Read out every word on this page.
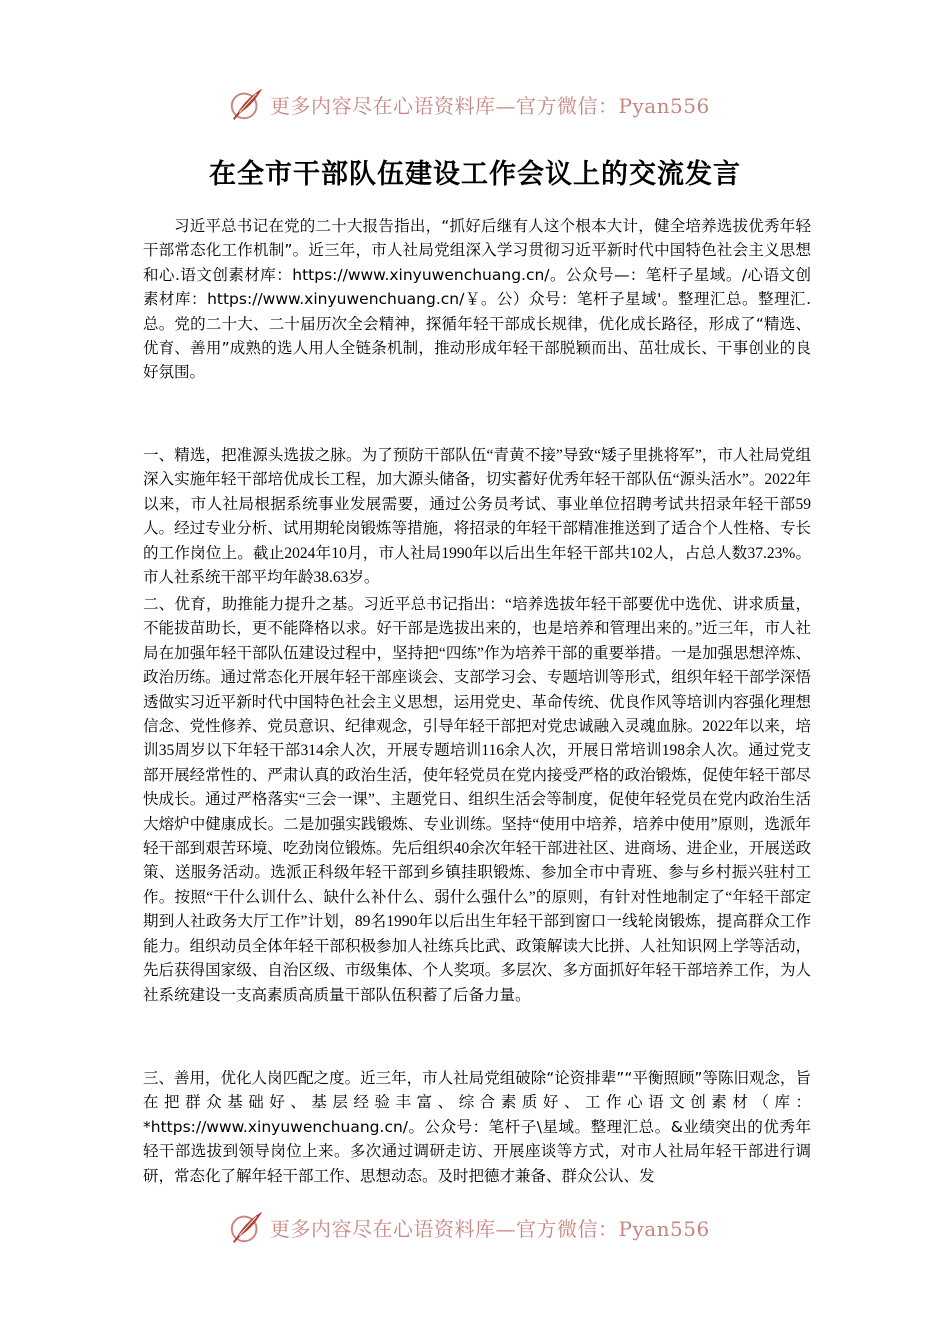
更多内容尽在心语资料库—官方微信：Pyan556
在全市干部队伍建设工作会议上的交流发言

习近平总书记在党的二十大报告指出，“抓好后继有人这个根本大计，健全培养选拔优秀年轻干部常态化工作机制”。近三年，市人社局党组深入学习贯彻习近平新时代中国特色社会主义思想和心.语文创素材库：https://www.xinyuwenchuang.cn/。公众号—：笔杆子星域。/心语文创素材库：https://www.xinyuwenchuang.cn/￥。公）众号：笔杆子星域'。整理汇总。整理汇.总。党的二十大、二十届历次全会精神，探循年轻干部成长规律，优化成长路径，形成了“精选、优育、善用”成熟的选人用人全链条机制，推动形成年轻干部脱颖而出、茁壮成长、干事创业的良好氛围。

一、精选，把准源头选拔之脉。为了预防干部队伍“青黄不接”导致“矮子里挑将军”，市人社局党组深入实施年轻干部培优成长工程，加大源头储备，切实蓄好优秀年轻干部队伍“源头活水”。2022年以来，市人社局根据系统事业发展需要，通过公务员考试、事业单位招聘考试共招录年轻干部59人。经过专业分析、试用期轮岗锻炼等措施，将招录的年轻干部精准推送到了适合个人性格、专长的工作岗位上。截止2024年10月，市人社局1990年以后出生年轻干部共102人，占总人数37.23%。市人社系统干部平均年龄38.63岁。

二、优育，助推能力提升之基。习近平总书记指出：“培养选拔年轻干部要优中选优、讲求质量，不能拔苗助长，更不能降格以求。好干部是选拔出来的，也是培养和管理出来的。”近三年，市人社局在加强年轻干部队伍建设过程中，坚持把“四练”作为培养干部的重要举措。一是加强思想淬炼、政治历练。通过常态化开展年轻干部座谈会、支部学习会、专题培训等形式，组织年轻干部学深悟透做实习近平新时代中国特色社会主义思想，运用党史、革命传统、优良作风等培训内容强化理想信念、党性修养、党员意识、纪律观念，引导年轻干部把对党忠诚融入灵魂血脉。2022年以来，培训35周岁以下年轻干部314余人次，开展专题培训116余人次，开展日常培训198余人次。通过党支部开展经常性的、严肃认真的政治生活，使年轻党员在党内接受严格的政治锻炼，促使年轻干部尽快成长。通过严格落实“三会一课”、主题党日、组织生活会等制度，促使年轻党员在党内政治生活大熔炉中健康成长。二是加强实践锻炼、专业训练。坚持“使用中培养，培养中使用”原则，选派年轻干部到艰苦环境、吃劲岗位锻炼。先后组织40余次年轻干部进社区、进商场、进企业，开展送政策、送服务活动。选派正科级年轻干部到乡镇挂职锻炼、参加全市中青班、参与乡村振兴驻村工作。按照“干什么训什么、缺什么补什么、弱什么强什么”的原则，有针对性地制定了“年轻干部定期到人社政务大厅工作”计划，89名1990年以后出生年轻干部到窗口一线轮岗锻炼，提高群众工作能力。组织动员全体年轻干部积极参加人社练兵比武、政策解读大比拼、人社知识网上学等活动，先后获得国家级、自治区级、市级集体、个人奖项。多层次、多方面抓好年轻干部培养工作，为人社系统建设一支高素质高质量干部队伍积蓄了后备力量。

三、善用，优化人岗匹配之度。近三年，市人社局党组破除“论资排辈”“平衡照顾”等陈旧观念，旨在把群众基础好、基层经验丰富、综合素质好、工作心语文创素材（库：*https://www.xinyuwenchuang.cn/。公众号：笔杆子\星域。整理汇总。&业绩突出的优秀年轻干部选拔到领导岗位上来。多次通过调研走访、开展座谈等方式，对市人社局年轻干部进行调研，常态化了解年轻干部工作、思想动态。及时把德才兼备、群众公认、发

更多内容尽在心语资料库—官方微信：Pyan556
